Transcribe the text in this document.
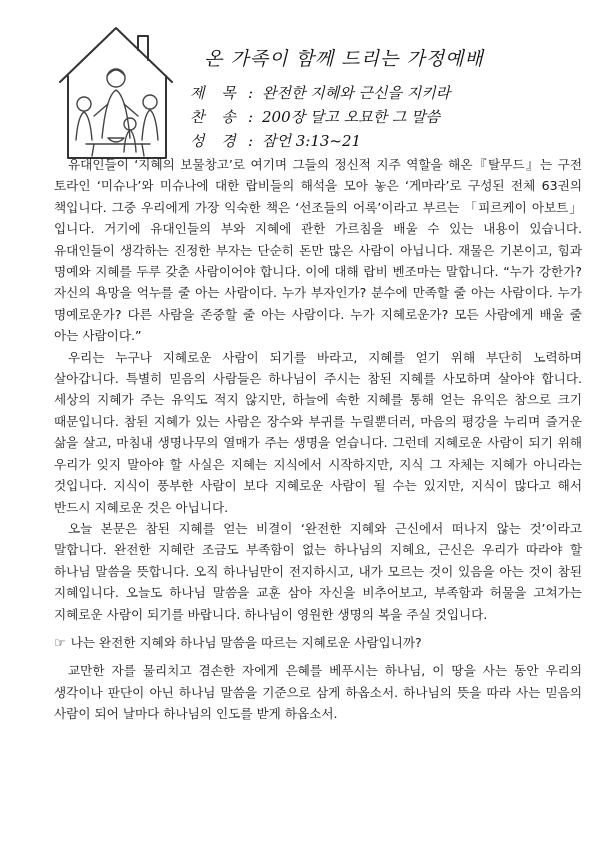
온 가족이 함께 드리는 가정예배
제 목 : 완전한 지혜와 근신을 지키라
찬 송 : 200장 달고 오묘한 그 말씀
성 경 : 잠언 3:13~21

유대인들이 ‘지혜의 보물창고’로 여기며 그들의 정신적 지주 역할을 해온『탈무드』는 구전 토라인 ‘미슈나’와 미슈나에 대한 랍비들의 해석을 모아 놓은 ‘게마라’로 구성된 전체 63권의 책입니다. 그중 우리에게 가장 익숙한 책은 ‘선조들의 어록’이라고 부르는 「피르케이 아보트」입니다. 거기에 유대인들의 부와 지혜에 관한 가르침을 배울 수 있는 내용이 있습니다. 유대인들이 생각하는 진정한 부자는 단순히 돈만 많은 사람이 아닙니다. 재물은 기본이고, 힘과 명예와 지혜를 두루 갖춘 사람이어야 합니다. 이에 대해 랍비 벤조마는 말합니다. “누가 강한가? 자신의 욕망을 억누를 줄 아는 사람이다. 누가 부자인가? 분수에 만족할 줄 아는 사람이다. 누가 명예로운가? 다른 사람을 존중할 줄 아는 사람이다. 누가 지혜로운가? 모든 사람에게 배울 줄 아는 사람이다.”

우리는 누구나 지혜로운 사람이 되기를 바라고, 지혜를 얻기 위해 부단히 노력하며 살아갑니다. 특별히 믿음의 사람들은 하나님이 주시는 참된 지혜를 사모하며 살아야 합니다. 세상의 지혜가 주는 유익도 적지 않지만, 하늘에 속한 지혜를 통해 얻는 유익은 참으로 크기 때문입니다. 참된 지혜가 있는 사람은 장수와 부귀를 누릴뿐더러, 마음의 평강을 누리며 즐거운 삶을 살고, 마침내 생명나무의 열매가 주는 생명을 얻습니다. 그런데 지혜로운 사람이 되기 위해 우리가 잊지 말아야 할 사실은 지혜는 지식에서 시작하지만, 지식 그 자체는 지혜가 아니라는 것입니다. 지식이 풍부한 사람이 보다 지혜로운 사람이 될 수는 있지만, 지식이 많다고 해서 반드시 지혜로운 것은 아닙니다.

오늘 본문은 참된 지혜를 얻는 비결이 ‘완전한 지혜와 근신에서 떠나지 않는 것’이라고 말합니다. 완전한 지혜란 조금도 부족함이 없는 하나님의 지혜요, 근신은 우리가 따라야 할 하나님 말씀을 뜻합니다. 오직 하나님만이 전지하시고, 내가 모르는 것이 있음을 아는 것이 참된 지혜입니다. 오늘도 하나님 말씀을 교훈 삼아 자신을 비추어보고, 부족함과 허물을 고쳐가는 지혜로운 사람이 되기를 바랍니다. 하나님이 영원한 생명의 복을 주실 것입니다.

☞ 나는 완전한 지혜와 하나님 말씀을 따르는 지혜로운 사람입니까?

교만한 자를 물리치고 겸손한 자에게 은혜를 베푸시는 하나님, 이 땅을 사는 동안 우리의 생각이나 판단이 아닌 하나님 말씀을 기준으로 삼게 하옵소서. 하나님의 뜻을 따라 사는 믿음의 사람이 되어 날마다 하나님의 인도를 받게 하옵소서.
